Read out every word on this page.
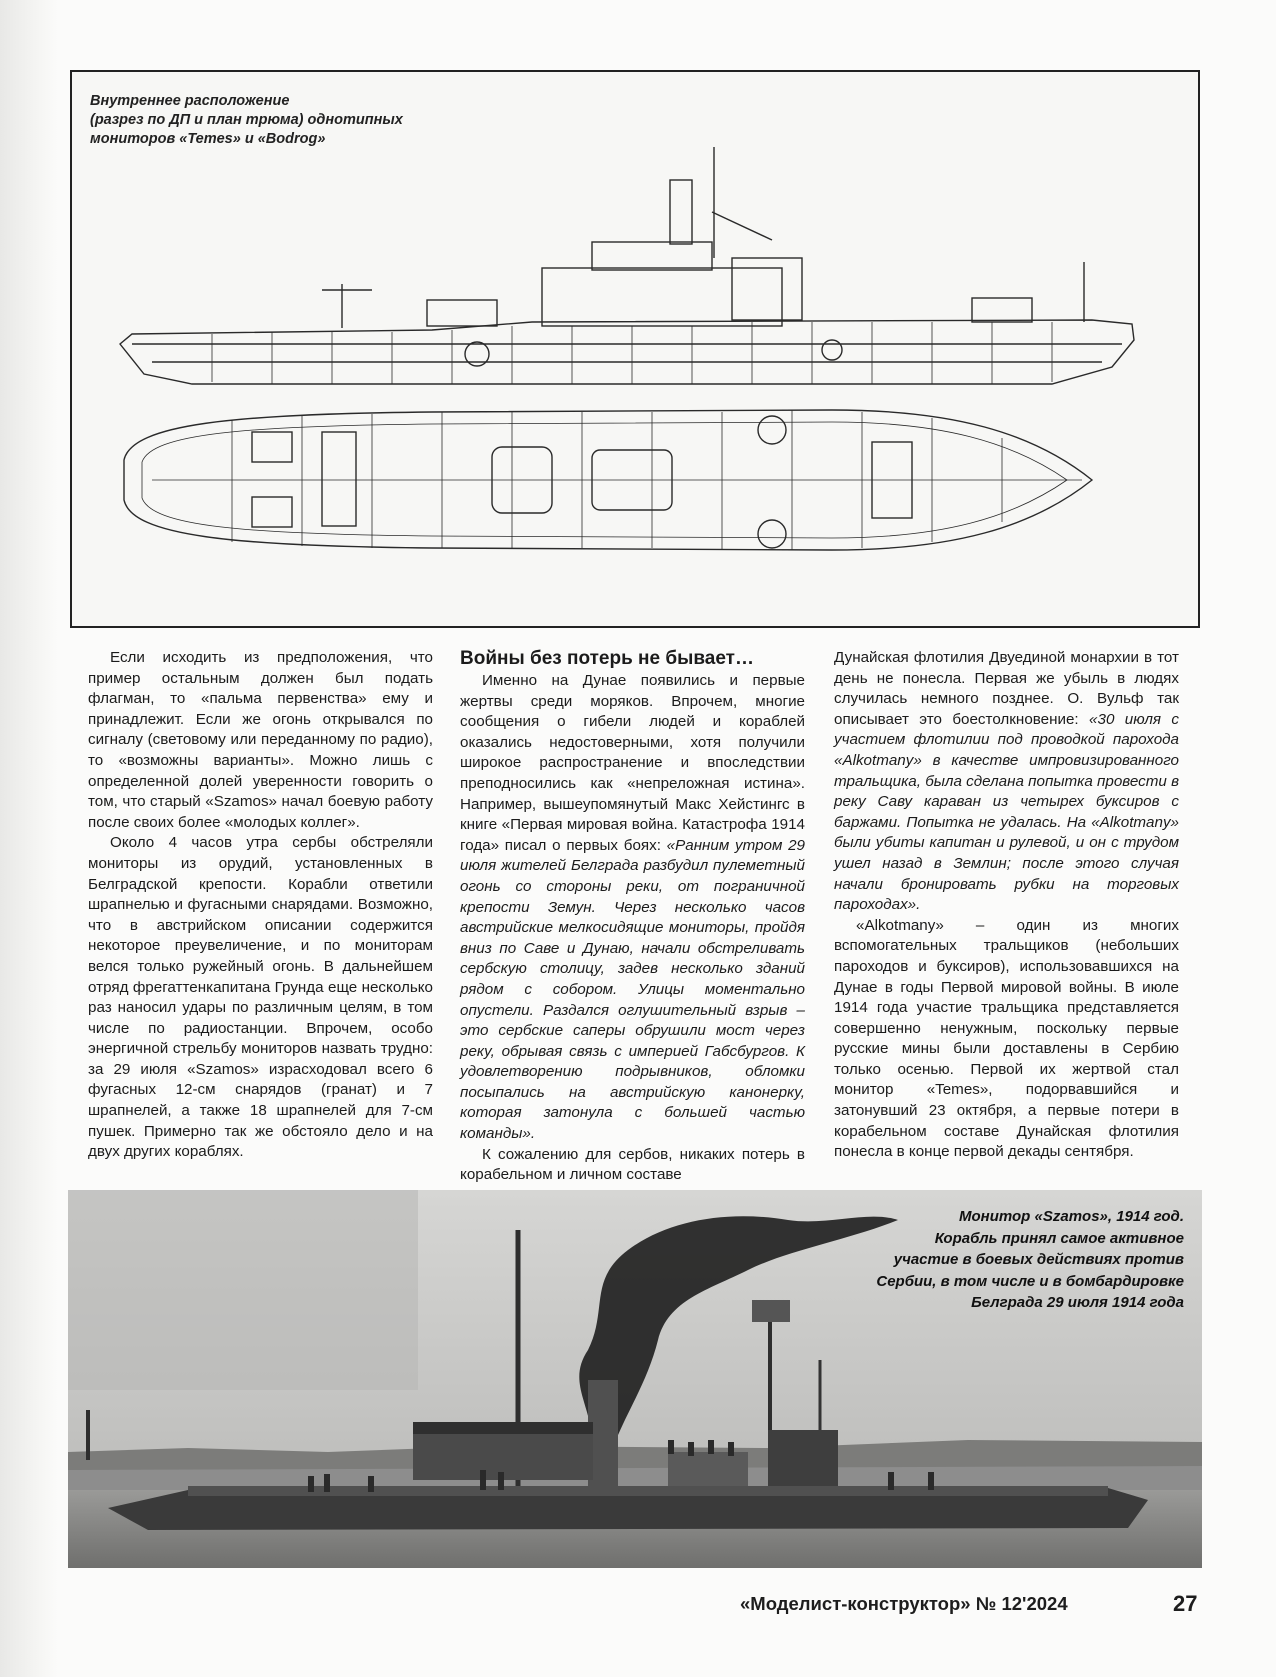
Внутреннее расположение
(разрез по ДП и план трюма) однотипных
мониторов «Temes» и «Bodrog»

Если исходить из предположения, что пример остальным должен был подать флагман, то «пальма первенства» ему и принадлежит. Если же огонь открывался по сигналу (световому или переданному по радио), то «возможны варианты». Можно лишь с определенной долей уверенности говорить о том, что старый «Szamos» начал боевую работу после своих более «молодых коллег».

Около 4 часов утра сербы обстреляли мониторы из орудий, установленных в Белградской крепости. Корабли ответили шрапнелью и фугасными снарядами. Возможно, что в австрийском описании содержится некоторое преувеличение, и по мониторам велся только ружейный огонь. В дальнейшем отряд фрегаттенкапитана Грунда еще несколько раз наносил удары по различным целям, в том числе по радиостанции. Впрочем, особо энергичной стрельбу мониторов назвать трудно: за 29 июля «Szamos» израсходовал всего 6 фугасных 12-см снарядов (гранат) и 7 шрапнелей, а также 18 шрапнелей для 7-см пушек. Примерно так же обстояло дело и на двух других кораблях.

Войны без потерь не бывает…

Именно на Дунае появились и первые жертвы среди моряков. Впрочем, многие сообщения о гибели людей и кораблей оказались недостоверными, хотя получили широкое распространение и впоследствии преподносились как «непреложная истина». Например, вышеупомянутый Макс Хейстингс в книге «Первая мировая война. Катастрофа 1914 года» писал о первых боях: «Ранним утром 29 июля жителей Белграда разбудил пулеметный огонь со стороны реки, от пограничной крепости Земун. Через несколько часов австрийские мелкосидящие мониторы, пройдя вниз по Саве и Дунаю, начали обстреливать сербскую столицу, задев несколько зданий рядом с собором. Улицы моментально опустели. Раздался оглушительный взрыв – это сербские саперы обрушили мост через реку, обрывая связь с империей Габсбургов. К удовлетворению подрывников, обломки посыпались на австрийскую канонерку, которая затонула с большей частью команды».

К сожалению для сербов, никаких потерь в корабельном и личном составе

Дунайская флотилия Двуединой монархии в тот день не понесла. Первая же убыль в людях случилась немного позднее. О. Вульф так описывает это боестолкновение: «30 июля с участием флотилии под проводкой парохода «Alkotmany» в качестве импровизированного тральщика, была сделана попытка провести в реку Саву караван из четырех буксиров с баржами. Попытка не удалась. На «Alkotmany» были убиты капитан и рулевой, и он с трудом ушел назад в Землин; после этого случая начали бронировать рубки на торговых пароходах».

«Alkotmany» – один из многих вспомогательных тральщиков (небольших пароходов и буксиров), использовавшихся на Дунае в годы Первой мировой войны. В июле 1914 года участие тральщика представляется совершенно ненужным, поскольку первые русские мины были доставлены в Сербию только осенью. Первой их жертвой стал монитор «Temes», подорвавшийся и затонувший 23 октября, а первые потери в корабельном составе Дунайская флотилия понесла в конце первой декады сентября.

Монитор «Szamos», 1914 год.
Корабль принял самое активное
участие в боевых действиях против
Сербии, в том числе и в бомбардировке
Белграда 29 июля 1914 года

«Моделист-конструктор» № 12'2024	27
